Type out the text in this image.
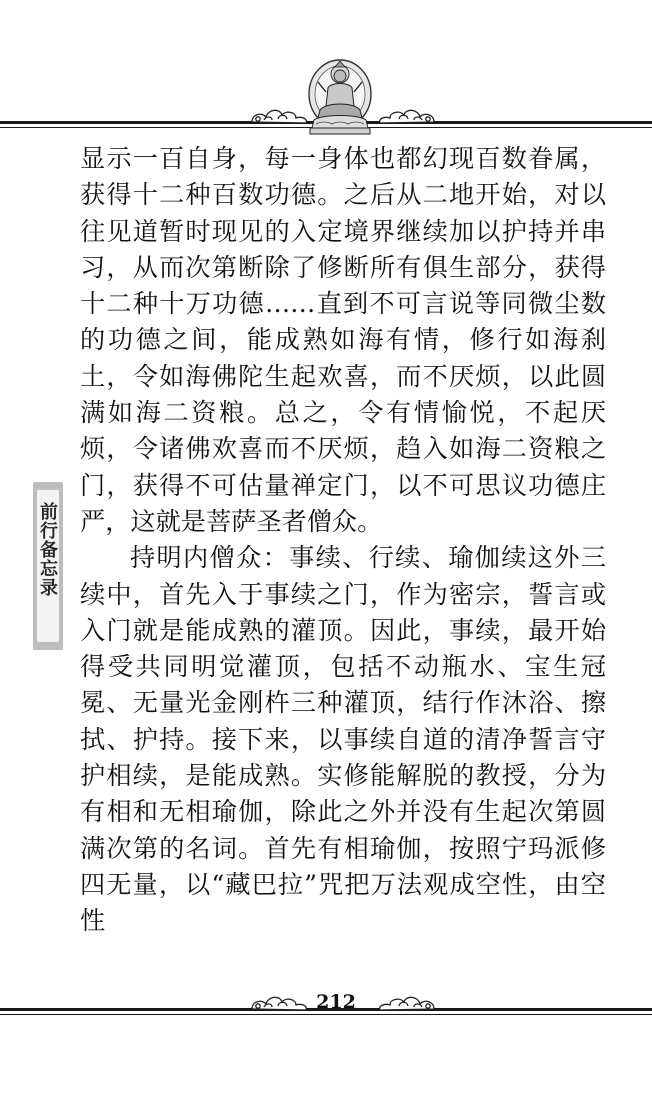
前行备忘录

显示一百自身，每一身体也都幻现百数眷属，获得十二种百数功德。之后从二地开始，对以往见道暂时现见的入定境界继续加以护持并串习，从而次第断除了修断所有俱生部分，获得十二种十万功德……直到不可言说等同微尘数的功德之间，能成熟如海有情，修行如海刹土，令如海佛陀生起欢喜，而不厌烦，以此圆满如海二资粮。总之，令有情愉悦，不起厌烦，令诸佛欢喜而不厌烦，趋入如海二资粮之门，获得不可估量禅定门，以不可思议功德庄严，这就是菩萨圣者僧众。

持明内僧众：事续、行续、瑜伽续这外三续中，首先入于事续之门，作为密宗，誓言或入门就是能成熟的灌顶。因此，事续，最开始得受共同明觉灌顶，包括不动瓶水、宝生冠冕、无量光金刚杵三种灌顶，结行作沐浴、擦拭、护持。接下来，以事续自道的清净誓言守护相续，是能成熟。实修能解脱的教授，分为有相和无相瑜伽，除此之外并没有生起次第圆满次第的名词。首先有相瑜伽，按照宁玛派修四无量，以“藏巴拉”咒把万法观成空性，由空性

212
